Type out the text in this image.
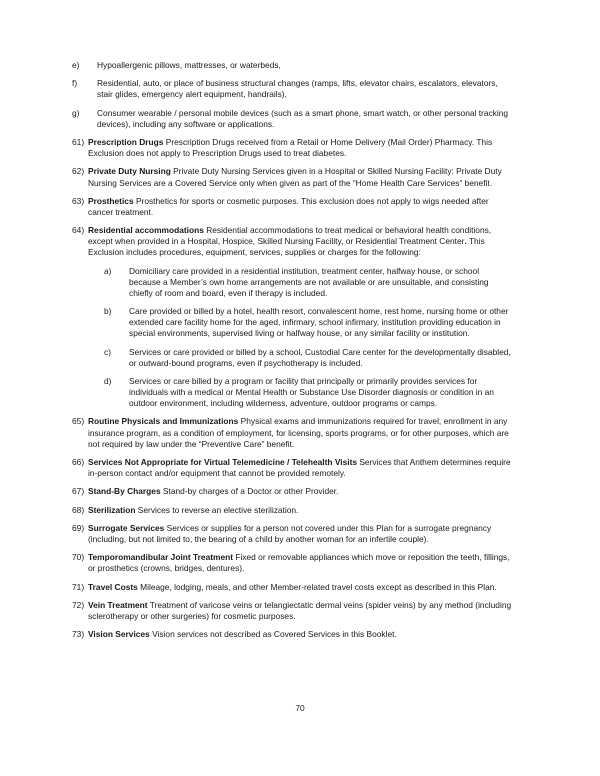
e)	Hypoallergenic pillows, mattresses, or waterbeds,
f)	Residential, auto, or place of business structural changes (ramps, lifts, elevator chairs, escalators, elevators, stair glides, emergency alert equipment, handrails),
g)	Consumer wearable / personal mobile devices (such as a smart phone, smart watch, or other personal tracking devices), including any software or applications.
61) Prescription Drugs Prescription Drugs received from a Retail or Home Delivery (Mail Order) Pharmacy. This Exclusion does not apply to Prescription Drugs used to treat diabetes.
62) Private Duty Nursing Private Duty Nursing Services given in a Hospital or Skilled Nursing Facility: Private Duty Nursing Services are a Covered Service only when given as part of the “Home Health Care Services” benefit.
63) Prosthetics Prosthetics for sports or cosmetic purposes. This exclusion does not apply to wigs needed after cancer treatment.
64) Residential accommodations Residential accommodations to treat medical or behavioral health conditions, except when provided in a Hospital, Hospice, Skilled Nursing Facility, or Residential Treatment Center. This Exclusion includes procedures, equipment, services, supplies or charges for the following:
a)	Domiciliary care provided in a residential institution, treatment center, halfway house, or school because a Member’s own home arrangements are not available or are unsuitable, and consisting chiefly of room and board, even if therapy is included.
b)	Care provided or billed by a hotel, health resort, convalescent home, rest home, nursing home or other extended care facility home for the aged, infirmary, school infirmary, institution providing education in special environments, supervised living or halfway house, or any similar facility or institution.
c)	Services or care provided or billed by a school, Custodial Care center for the developmentally disabled, or outward-bound programs, even if psychotherapy is included.
d)	Services or care billed by a program or facility that principally or primarily provides services for individuals with a medical or Mental Health or Substance Use Disorder diagnosis or condition in an outdoor environment, including wilderness, adventure, outdoor programs or camps.
65) Routine Physicals and Immunizations Physical exams and immunizations required for travel, enrollment in any insurance program, as a condition of employment, for licensing, sports programs, or for other purposes, which are not required by law under the “Preventive Care” benefit.
66) Services Not Appropriate for Virtual Telemedicine / Telehealth Visits Services that Anthem determines require in-person contact and/or equipment that cannot be provided remotely.
67) Stand-By Charges Stand-by charges of a Doctor or other Provider.
68) Sterilization Services to reverse an elective sterilization.
69) Surrogate Services Services or supplies for a person not covered under this Plan for a surrogate pregnancy (including, but not limited to, the bearing of a child by another woman for an infertile couple).
70) Temporomandibular Joint Treatment Fixed or removable appliances which move or reposition the teeth, fillings, or prosthetics (crowns, bridges, dentures).
71) Travel Costs Mileage, lodging, meals, and other Member-related travel costs except as described in this Plan.
72) Vein Treatment Treatment of varicose veins or telangiectatic dermal veins (spider veins) by any method (including sclerotherapy or other surgeries) for cosmetic purposes.
73) Vision Services Vision services not described as Covered Services in this Booklet.
70
